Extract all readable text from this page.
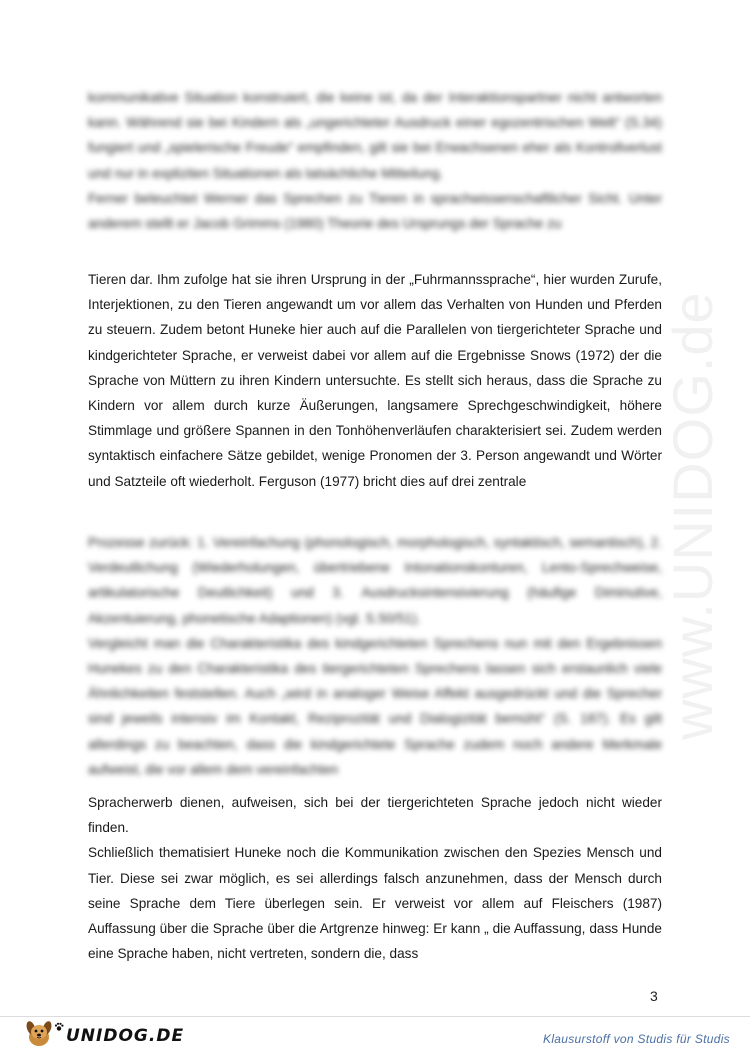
www.UNIDOG.de

kommunikative Situation konstruiert, die keine ist, da der Interaktionspartner nicht antworten kann. Während sie bei Kindern als „ungerichteter Ausdruck einer egozentrischen Welt“ (S.34) fungiert und „spielerische Freude“ empfinden, gilt sie bei Erwachsenen eher als Kontrollverlust und nur in expliziten Situationen als tatsächliche Mitteilung.

Ferner beleuchtet Werner das Sprechen zu Tieren in sprachwissenschaftlicher Sicht. Unter anderem stellt er Jacob Grimms (1980) Theorie des Ursprungs der Sprache zu

Tieren dar. Ihm zufolge hat sie ihren Ursprung in der „Fuhrmannssprache“, hier wurden Zurufe, Interjektionen, zu den Tieren angewandt um vor allem das Verhalten von Hunden und Pferden zu steuern. Zudem betont Huneke hier auch auf die Parallelen von tiergerichteter Sprache und kindgerichteter Sprache, er verweist dabei vor allem auf die Ergebnisse Snows (1972) der die Sprache von Müttern zu ihren Kindern untersuchte. Es stellt sich heraus, dass die Sprache zu Kindern vor allem durch kurze Äußerungen, langsamere Sprechgeschwindigkeit, höhere Stimmlage und größere Spannen in den Tonhöhenverläufen charakterisiert sei. Zudem werden syntaktisch einfachere Sätze gebildet, wenige Pronomen der 3. Person angewandt und Wörter und Satzteile oft wiederholt. Ferguson (1977) bricht dies auf drei zentrale

Prozesse zurück: 1. Vereinfachung (phonologisch, morphologisch, syntaktisch, semantisch), 2. Verdeutlichung (Wiederholungen, übertriebene Intonationskonturen, Lento-Sprechweise, artikulatorische Deutlichkeit) und 3. Ausdrucksintensivierung (häufige Diminutive, Akzentuierung, phonetische Adaptionen) (vgl. S.50/51).

Vergleicht man die Charakteristika des kindgerichteten Sprechens nun mit den Ergebnissen Hunekes zu den Charakteristika des tiergerichteten Sprechens lassen sich erstaunlich viele Ähnlichkeiten feststellen. Auch „wird in analoger Weise Affekt ausgedrückt und die Sprecher sind jeweils intensiv im Kontakt, Reziprozität und Dialogizität bemüht“ (S. 187). Es gilt allerdings zu beachten, dass die kindgerichtete Sprache zudem noch andere Merkmale aufweist, die vor allem dem vereinfachten

Spracherwerb dienen, aufweisen, sich bei der tiergerichteten Sprache jedoch nicht wieder finden.

Schließlich thematisiert Huneke noch die Kommunikation zwischen den Spezies Mensch und Tier. Diese sei zwar möglich, es sei allerdings falsch anzunehmen, dass der Mensch durch seine Sprache dem Tiere überlegen sein. Er verweist vor allem auf Fleischers (1987) Auffassung über die Sprache über die Artgrenze hinweg: Er kann „ die Auffassung, dass Hunde eine Sprache haben, nicht vertreten, sondern die, dass

3
UNIDOG.DE	Klausurstoff von Studis für Studis
